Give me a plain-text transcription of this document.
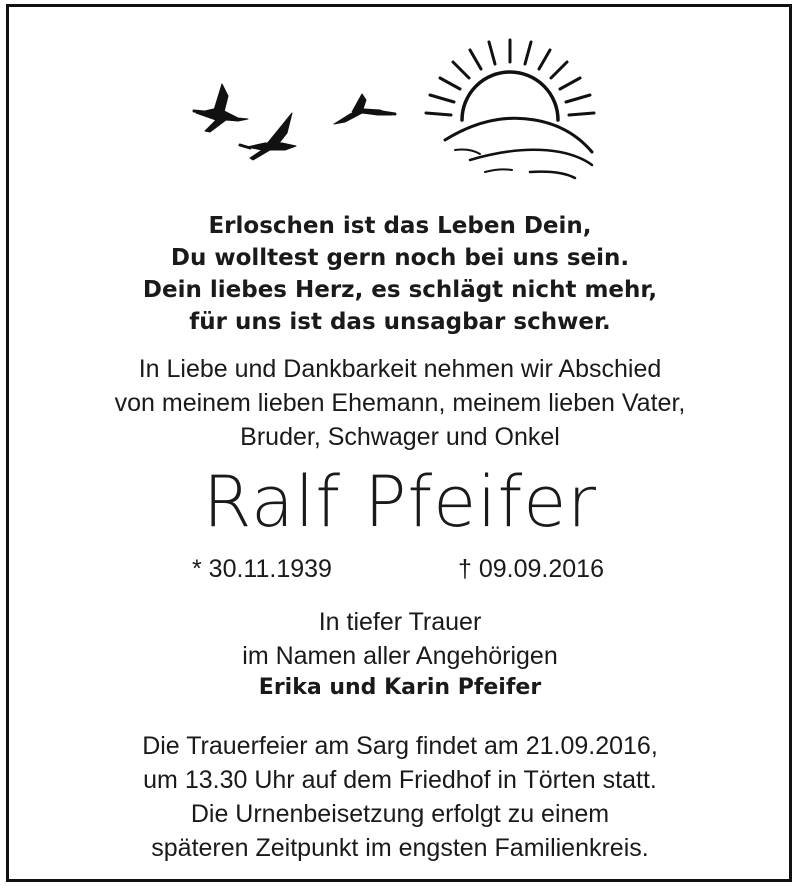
Erloschen ist das Leben Dein,
Du wolltest gern noch bei uns sein.
Dein liebes Herz, es schlägt nicht mehr,
für uns ist das unsagbar schwer.
In Liebe und Dankbarkeit nehmen wir Abschied
von meinem lieben Ehemann, meinem lieben Vater,
Bruder, Schwager und Onkel
Ralf Pfeifer
* 30.11.1939	† 09.09.2016
In tiefer Trauer
im Namen aller Angehörigen
Erika und Karin Pfeifer
Die Trauerfeier am Sarg findet am 21.09.2016,
um 13.30 Uhr auf dem Friedhof in Törten statt.
Die Urnenbeisetzung erfolgt zu einem
späteren Zeitpunkt im engsten Familienkreis.
